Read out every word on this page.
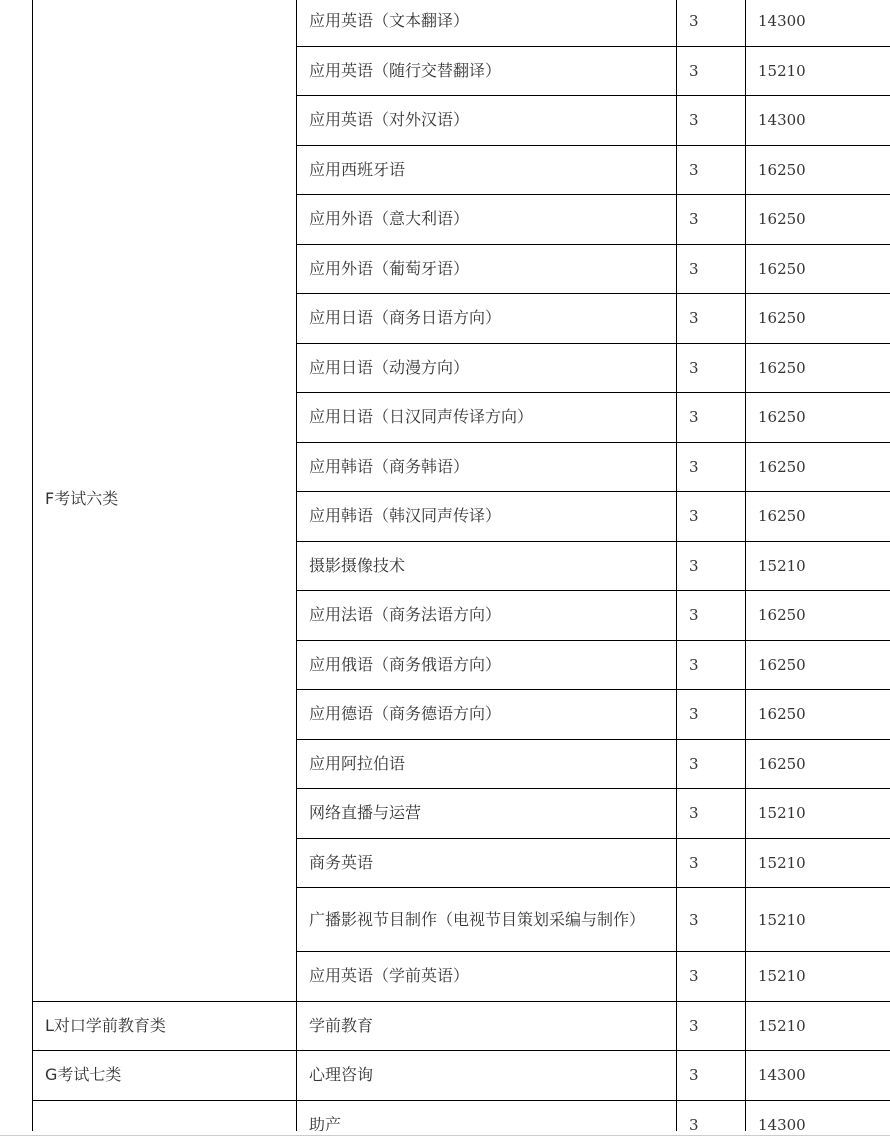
F考试六类	应用英语（文本翻译）	3	14300
	应用英语（随行交替翻译）	3	15210
	应用英语（对外汉语）	3	14300
	应用西班牙语	3	16250
	应用外语（意大利语）	3	16250
	应用外语（葡萄牙语）	3	16250
	应用日语（商务日语方向）	3	16250
	应用日语（动漫方向）	3	16250
	应用日语（日汉同声传译方向）	3	16250
	应用韩语（商务韩语）	3	16250
	应用韩语（韩汉同声传译）	3	16250
	摄影摄像技术	3	15210
	应用法语（商务法语方向）	3	16250
	应用俄语（商务俄语方向）	3	16250
	应用德语（商务德语方向）	3	16250
	应用阿拉伯语	3	16250
	网络直播与运营	3	15210
	商务英语	3	15210
	广播影视节目制作（电视节目策划采编与制作）	3	15210
	应用英语（学前英语）	3	15210
L对口学前教育类	学前教育	3	15210
G考试七类	心理咨询	3	14300
	助产	3	14300
